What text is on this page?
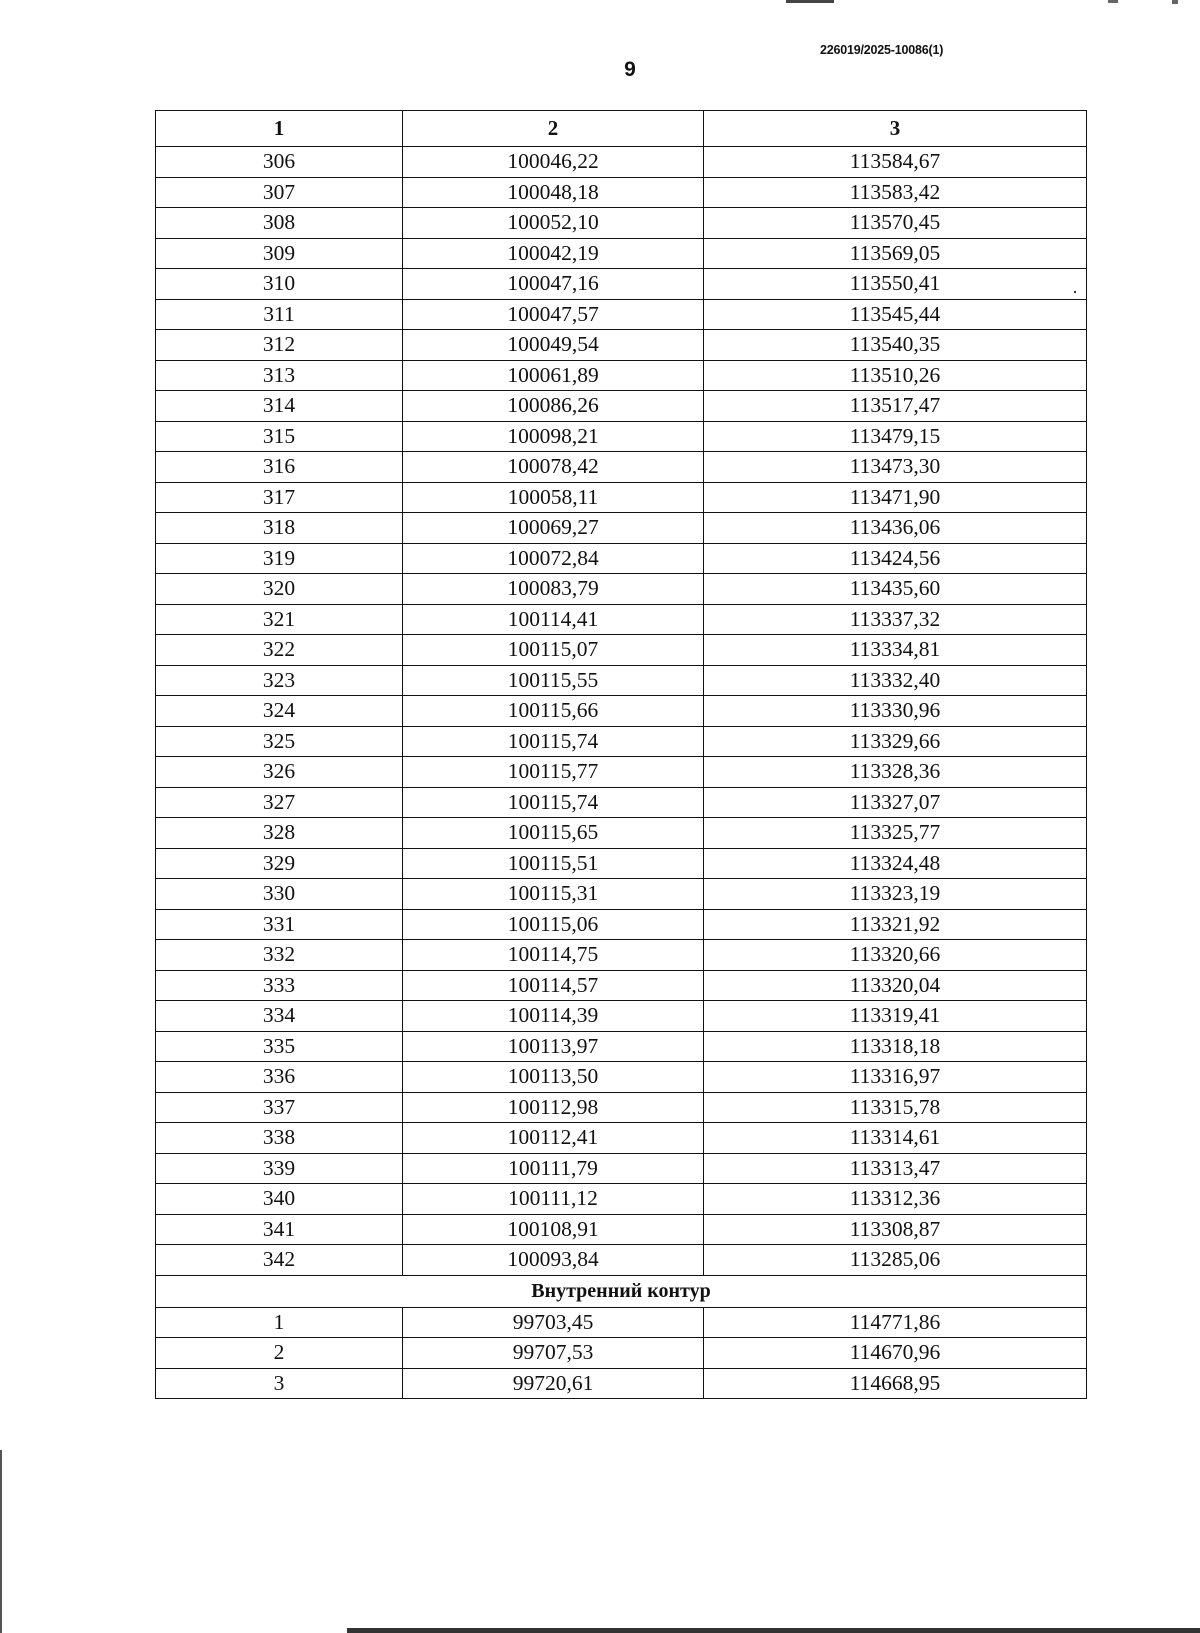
226019/2025-10086(1)
9
1	2	3
306	100046,22	113584,67
307	100048,18	113583,42
308	100052,10	113570,45
309	100042,19	113569,05
310	100047,16	113550,41
311	100047,57	113545,44
312	100049,54	113540,35
313	100061,89	113510,26
314	100086,26	113517,47
315	100098,21	113479,15
316	100078,42	113473,30
317	100058,11	113471,90
318	100069,27	113436,06
319	100072,84	113424,56
320	100083,79	113435,60
321	100114,41	113337,32
322	100115,07	113334,81
323	100115,55	113332,40
324	100115,66	113330,96
325	100115,74	113329,66
326	100115,77	113328,36
327	100115,74	113327,07
328	100115,65	113325,77
329	100115,51	113324,48
330	100115,31	113323,19
331	100115,06	113321,92
332	100114,75	113320,66
333	100114,57	113320,04
334	100114,39	113319,41
335	100113,97	113318,18
336	100113,50	113316,97
337	100112,98	113315,78
338	100112,41	113314,61
339	100111,79	113313,47
340	100111,12	113312,36
341	100108,91	113308,87
342	100093,84	113285,06
Внутренний контур		
1	99703,45	114771,86
2	99707,53	114670,96
3	99720,61	114668,95
